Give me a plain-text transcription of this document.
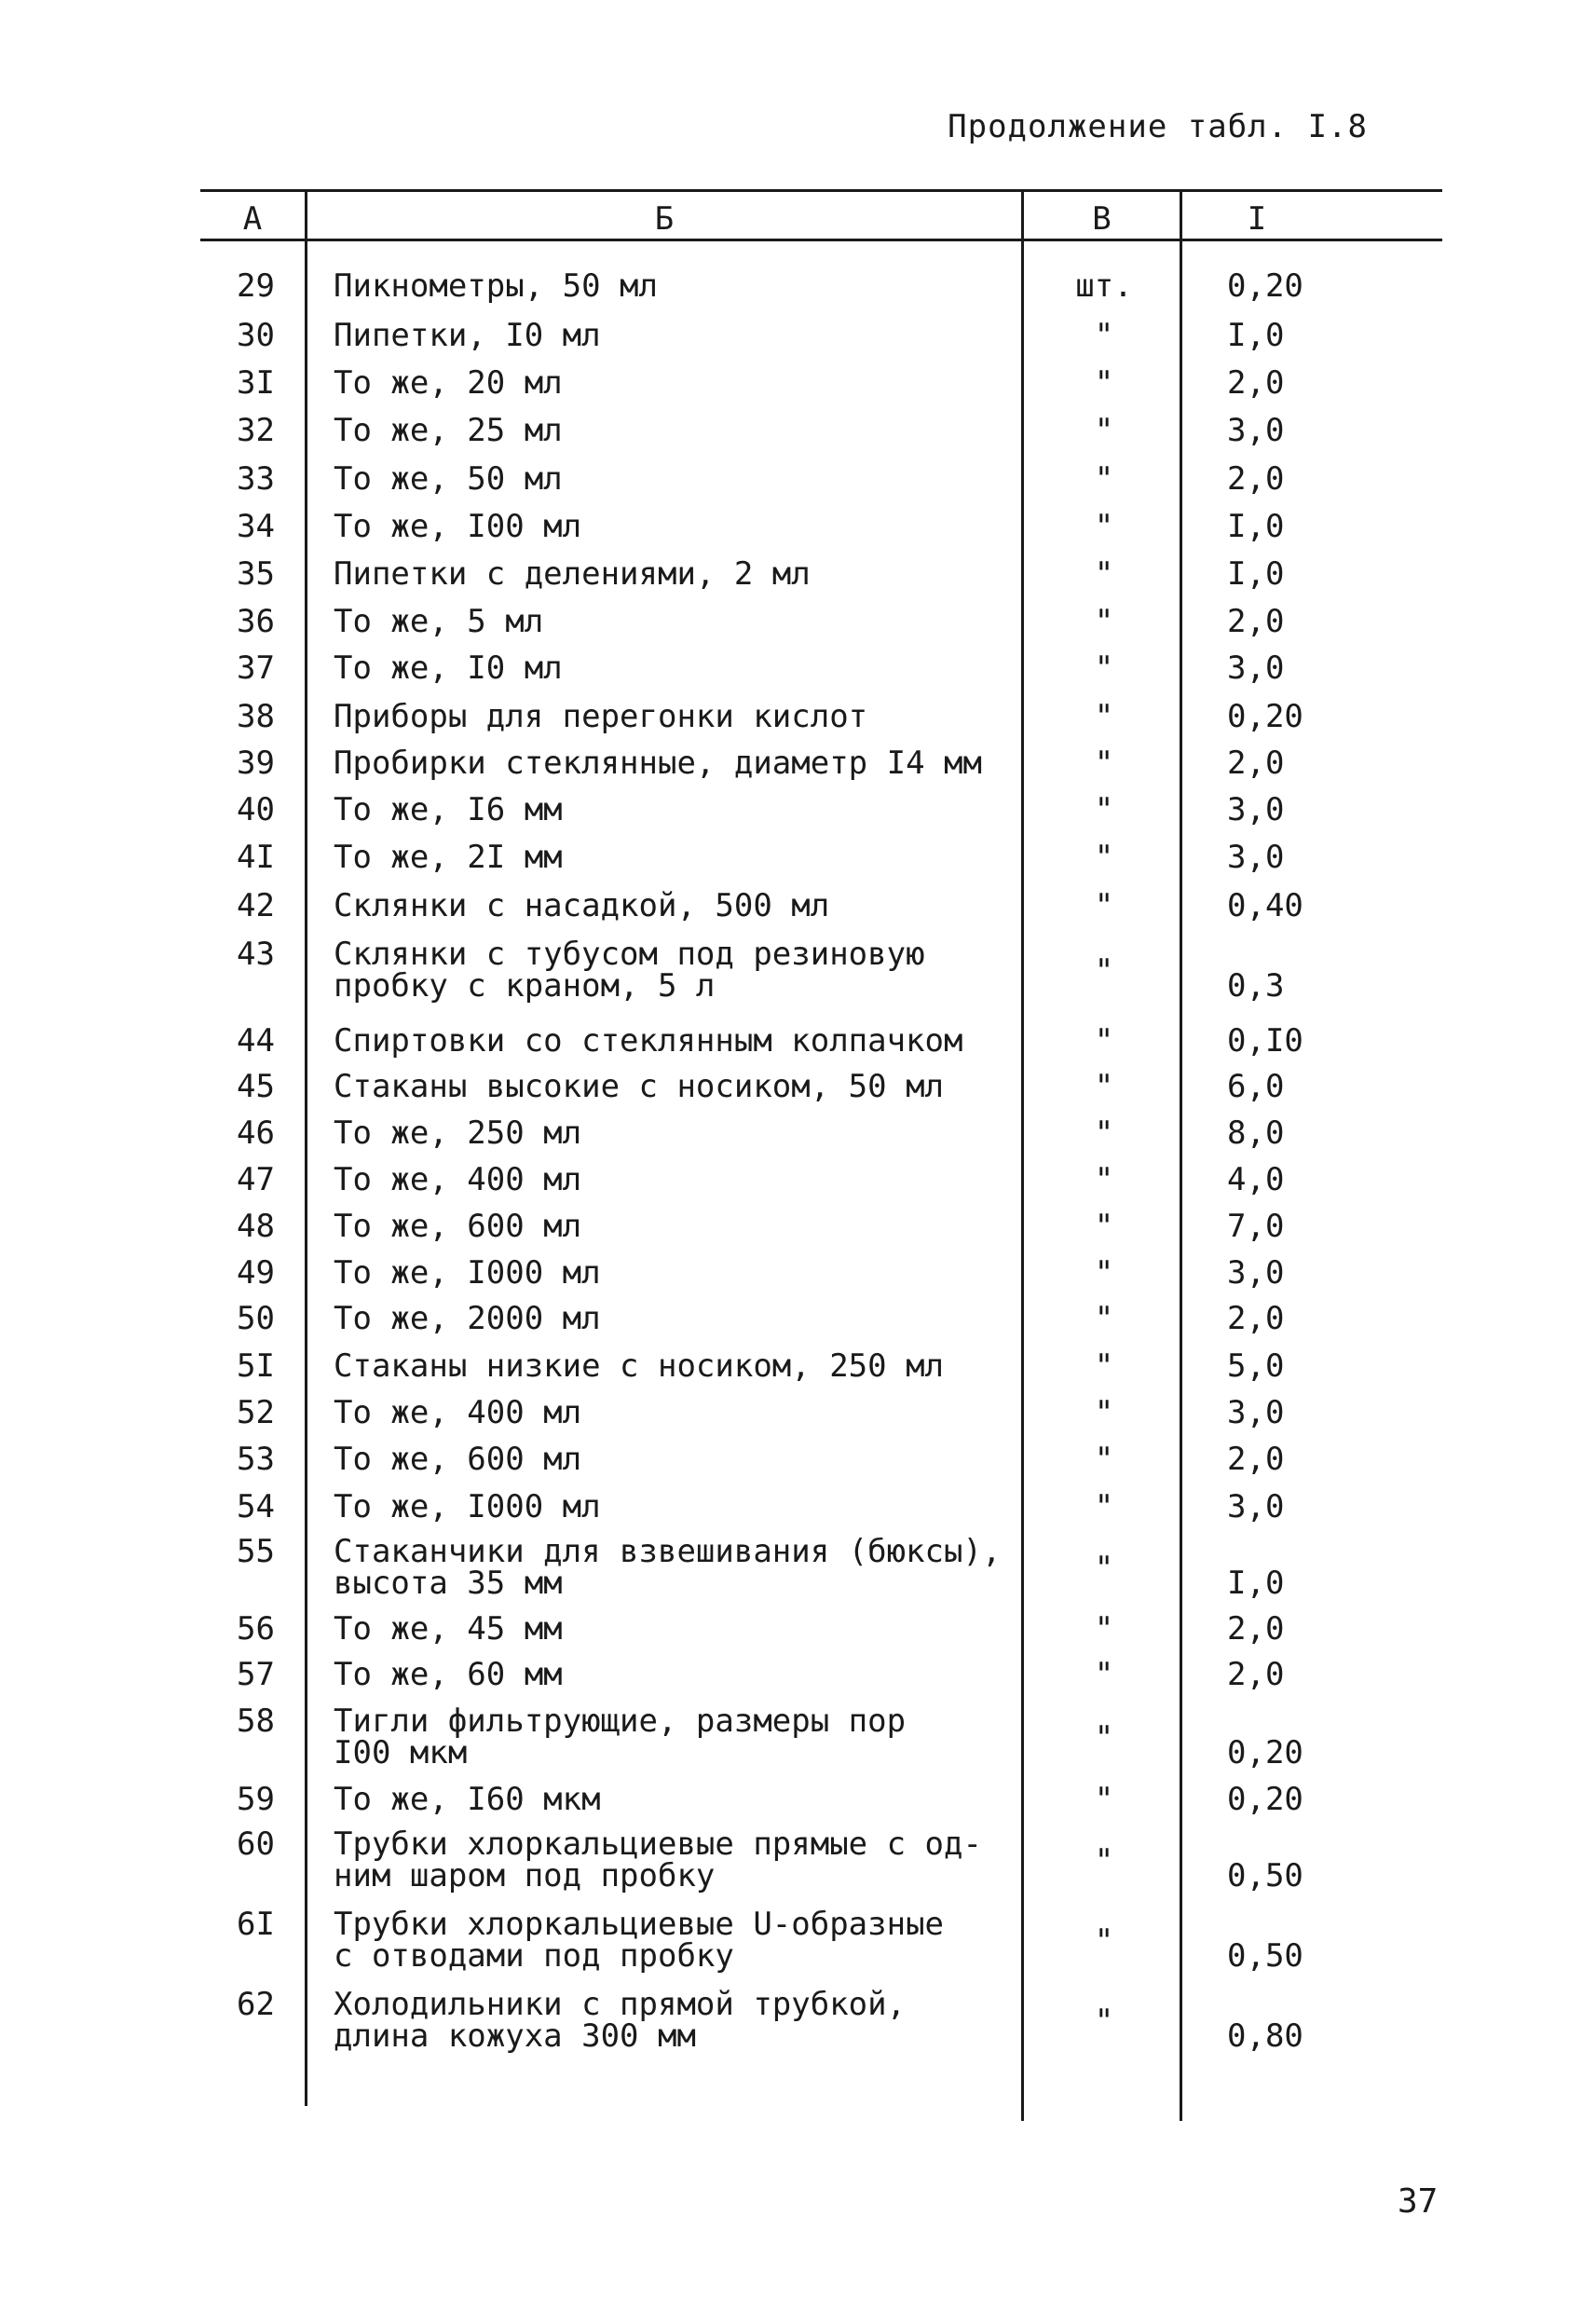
Продолжение табл. I.8
А	Б	В	I
29 Пикнометры, 50 мл	шт.	0,20
30 Пипетки, I0 мл	"	I,0
3I То же, 20 мл	"	2,0
32 То же, 25 мл	"	3,0
33 То же, 50 мл	"	2,0
34 То же, I00 мл	"	I,0
35 Пипетки с делениями, 2 мл	"	I,0
36 То же, 5 мл	"	2,0
37 То же, I0 мл	"	3,0
38 Приборы для перегонки кислот	"	0,20
39 Пробирки стеклянные, диаметр I4 мм	"	2,0
40 То же, I6 мм	"	3,0
4I То же, 2I мм	"	3,0
42 Склянки с насадкой, 500 мл	"	0,40
43 Склянки с тубусом под резиновую
пробку с краном, 5 л	"	0,3
44 Спиртовки со стеклянным колпачком	"	0,I0
45 Стаканы высокие с носиком, 50 мл	"	6,0
46 То же, 250 мл	"	8,0
47 То же, 400 мл	"	4,0
48 То же, 600 мл	"	7,0
49 То же, I000 мл	"	3,0
50 То же, 2000 мл	"	2,0
5I Стаканы низкие с носиком, 250 мл	"	5,0
52 То же, 400 мл	"	3,0
53 То же, 600 мл	"	2,0
54 То же, I000 мл	"	3,0
55 Стаканчики для взвешивания (бюксы),
высота 35 мм	"	I,0
56 То же, 45 мм	"	2,0
57 То же, 60 мм	"	2,0
58 Тигли фильтрующие, размеры пор
I00 мкм	"	0,20
59 То же, I60 мкм	"	0,20
60 Трубки хлоркальциевые прямые с од-
ним шаром под пробку	"	0,50
6I Трубки хлоркальциевые U-образные
с отводами под пробку	"	0,50
62 Холодильники с прямой трубкой,
длина кожуха 300 мм	"	0,80
37
